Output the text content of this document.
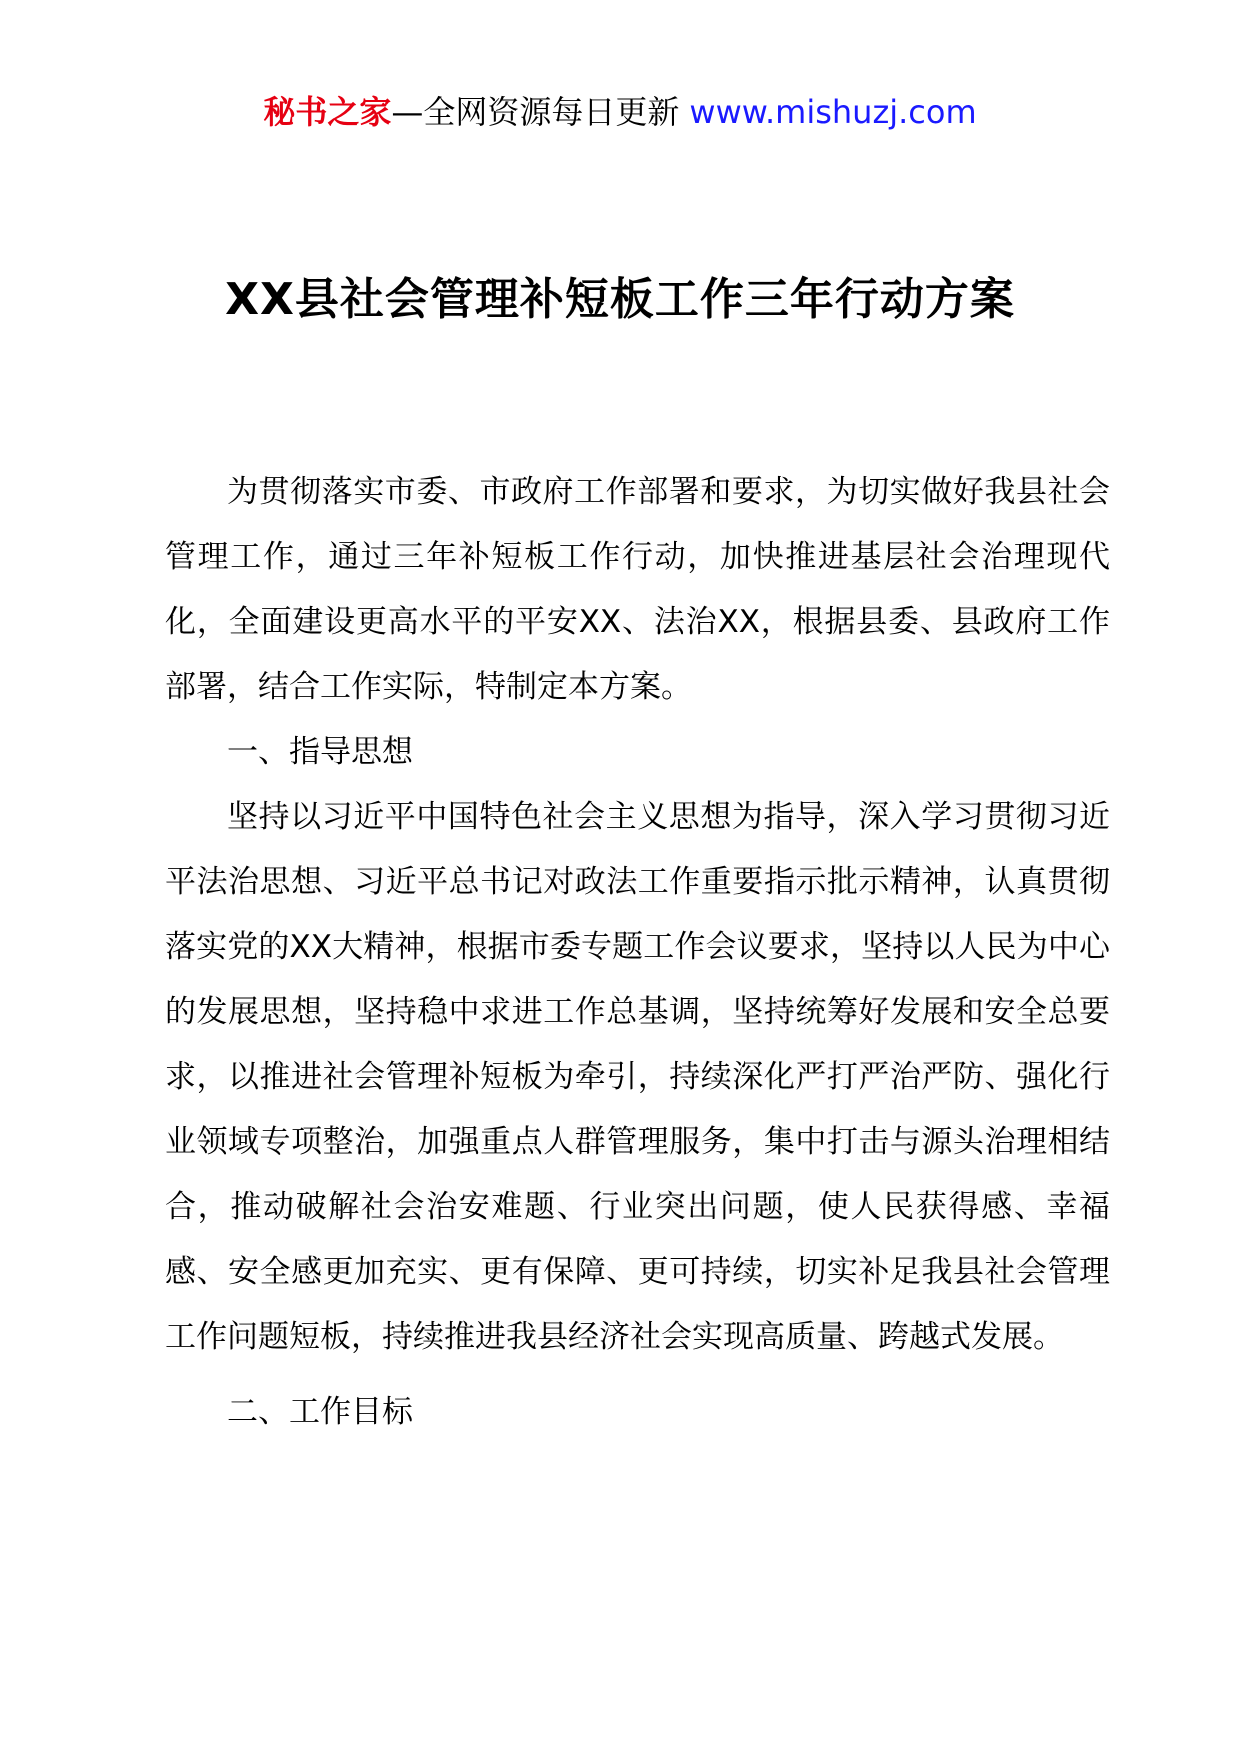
秘书之家—全网资源每日更新 www.mishuzj.com
XX县社会管理补短板工作三年行动方案

为贯彻落实市委、市政府工作部署和要求，为切实做好我县社会管理工作，通过三年补短板工作行动，加快推进基层社会治理现代化，全面建设更高水平的平安XX、法治XX，根据县委、县政府工作部署，结合工作实际，特制定本方案。

一、指导思想

坚持以习近平中国特色社会主义思想为指导，深入学习贯彻习近平法治思想、习近平总书记对政法工作重要指示批示精神，认真贯彻落实党的XX大精神，根据市委专题工作会议要求，坚持以人民为中心的发展思想，坚持稳中求进工作总基调，坚持统筹好发展和安全总要求，以推进社会管理补短板为牵引，持续深化严打严治严防、强化行业领域专项整治，加强重点人群管理服务，集中打击与源头治理相结合，推动破解社会治安难题、行业突出问题，使人民获得感、幸福感、安全感更加充实、更有保障、更可持续，切实补足我县社会管理工作问题短板，持续推进我县经济社会实现高质量、跨越式发展。

二、工作目标
